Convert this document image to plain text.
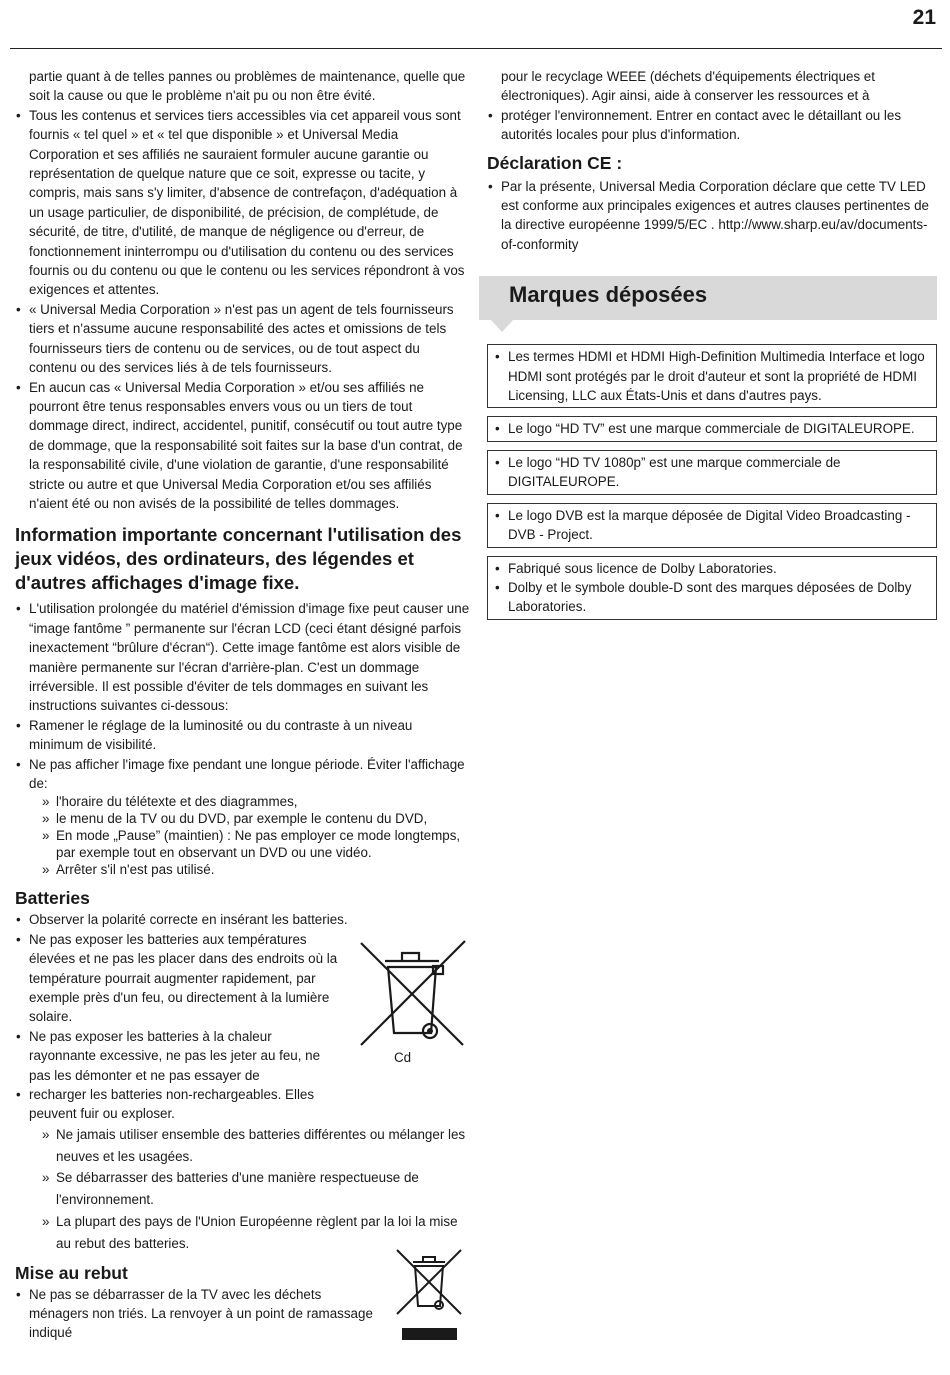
21

partie quant à de telles pannes ou problèmes de maintenance, quelle que soit la cause ou que le problème n'ait pu ou non être évité.

• Tous les contenus et services tiers accessibles via cet appareil vous sont fournis « tel quel » et « tel que disponible » et Universal Media Corporation et ses affiliés ne sauraient formuler aucune garantie ou représentation de quelque nature que ce soit, expresse ou tacite, y compris, mais sans s'y limiter, d'absence de contrefaçon, d'adéquation à un usage particulier, de disponibilité, de précision, de complétude, de sécurité, de titre, d'utilité, de manque de négligence ou d'erreur, de fonctionnement ininterrompu ou d'utilisation du contenu ou des services fournis ou du contenu ou que le contenu ou les services répondront à vos exigences et attentes.
• « Universal Media Corporation » n'est pas un agent de tels fournisseurs tiers et n'assume aucune responsabilité des actes et omissions de tels fournisseurs tiers de contenu ou de services, ou de tout aspect du contenu ou des services liés à de tels fournisseurs.
• En aucun cas « Universal Media Corporation » et/ou ses affiliés ne pourront être tenus responsables envers vous ou un tiers de tout dommage direct, indirect, accidentel, punitif, consécutif ou tout autre type de dommage, que la responsabilité soit faites sur la base d'un contrat, de la responsabilité civile, d'une violation de garantie, d'une responsabilité stricte ou autre et que Universal Media Corporation et/ou ses affiliés n'aient été ou non avisés de la possibilité de telles dommages.
Information importante concernant l'utilisation des jeux vidéos, des ordinateurs, des légendes et d'autres affichages d'image fixe.
• L'utilisation prolongée du matériel d'émission d'image fixe peut causer une “image fantôme ” permanente sur l'écran LCD (ceci étant désigné parfois inexactement “brûlure d'écran“). Cette image fantôme est alors visible de manière permanente sur l'écran d'arrière-plan. C'est un dommage irréversible. Il est possible d'éviter de tels dommages en suivant les instructions suivantes ci-dessous:
• Ramener le réglage de la luminosité ou du contraste à un niveau minimum de visibilité.
• Ne pas afficher l'image fixe pendant une longue période. Éviter l'affichage de:
» l'horaire du télétexte et des diagrammes,
» le menu de la TV ou du DVD, par exemple le contenu du DVD,
» En mode „Pause” (maintien) : Ne pas employer ce mode longtemps, par exemple tout en observant un DVD ou une vidéo.
» Arrêter s'il n'est pas utilisé.
Batteries
• Observer la polarité correcte en insérant les batteries.
• Ne pas exposer les batteries aux températures élevées et ne pas les placer dans des endroits où la température pourrait augmenter rapidement, par exemple près d'un feu, ou directement à la lumière solaire.
• Ne pas exposer les batteries à la chaleur rayonnante excessive, ne pas les jeter au feu, ne pas les démonter et ne pas essayer de
• recharger les batteries non-rechargeables. Elles peuvent fuir ou exploser.
» Ne jamais utiliser ensemble des batteries différentes ou mélanger les neuves et les usagées.
» Se débarrasser des batteries d'une manière respectueuse de l'environnement.
» La plupart des pays de l'Union Européenne règlent par la loi la mise au rebut des batteries.
Mise au rebut
• Ne pas se débarrasser de la TV avec les déchets ménagers non triés. La renvoyer à un point de ramassage indiqué
Cd

pour le recyclage WEEE (déchets d'équipements électriques et électroniques). Agir ainsi, aide à conserver les ressources et à

• protéger l'environnement. Entrer en contact avec le détaillant ou les autorités locales pour plus d'information.
Déclaration CE :
• Par la présente, Universal Media Corporation déclare que cette TV LED est conforme aux principales exigences et autres clauses pertinentes de la directive européenne 1999/5/EC . http://www.sharp.eu/av/documents-of-conformity
Marques déposées
• Les termes HDMI et HDMI High-Definition Multimedia Interface et logo HDMI sont protégés par le droit d'auteur et sont la propriété de HDMI Licensing, LLC aux États-Unis et dans d'autres pays.
• Le logo “HD TV” est une marque commerciale de DIGITALEUROPE.
• Le logo “HD TV 1080p” est une marque commerciale de DIGITALEUROPE.
• Le logo DVB est la marque déposée de Digital Video Broadcasting - DVB - Project.
• Fabriqué sous licence de Dolby Laboratories.
• Dolby et le symbole double-D sont des marques déposées de Dolby Laboratories.
